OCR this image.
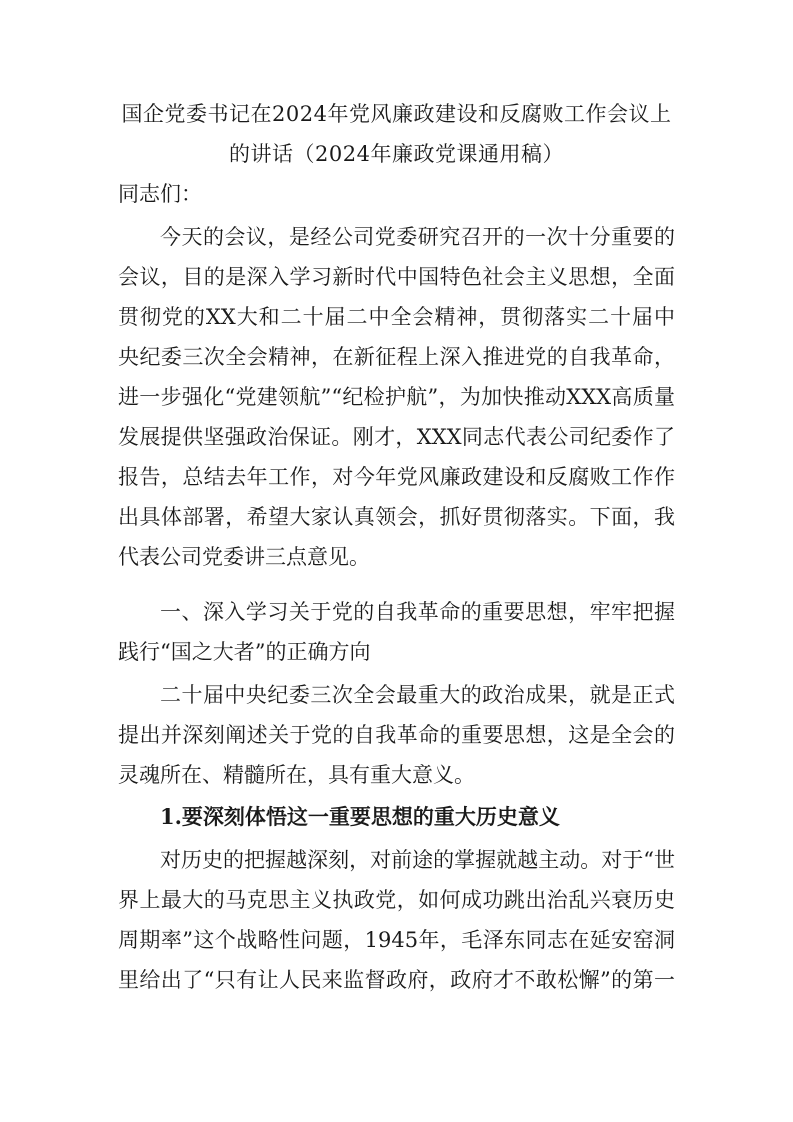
国企党委书记在2024年党风廉政建设和反腐败工作会议上
的讲话（2024年廉政党课通用稿）
同志们：
今天的会议，是经公司党委研究召开的一次十分重要的
会议，目的是深入学习新时代中国特色社会主义思想，全面
贯彻党的XX大和二十届二中全会精神，贯彻落实二十届中
央纪委三次全会精神，在新征程上深入推进党的自我革命，
进一步强化“党建领航”“纪检护航”，为加快推动XXX高质量
发展提供坚强政治保证。刚才，XXX同志代表公司纪委作了
报告，总结去年工作，对今年党风廉政建设和反腐败工作作
出具体部署，希望大家认真领会，抓好贯彻落实。下面，我
代表公司党委讲三点意见。
一、深入学习关于党的自我革命的重要思想，牢牢把握
践行“国之大者”的正确方向
二十届中央纪委三次全会最重大的政治成果，就是正式
提出并深刻阐述关于党的自我革命的重要思想，这是全会的
灵魂所在、精髓所在，具有重大意义。
1.要深刻体悟这一重要思想的重大历史意义
对历史的把握越深刻，对前途的掌握就越主动。对于“世
界上最大的马克思主义执政党，如何成功跳出治乱兴衰历史
周期率”这个战略性问题，1945年，毛泽东同志在延安窑洞
里给出了“只有让人民来监督政府，政府才不敢松懈”的第一
